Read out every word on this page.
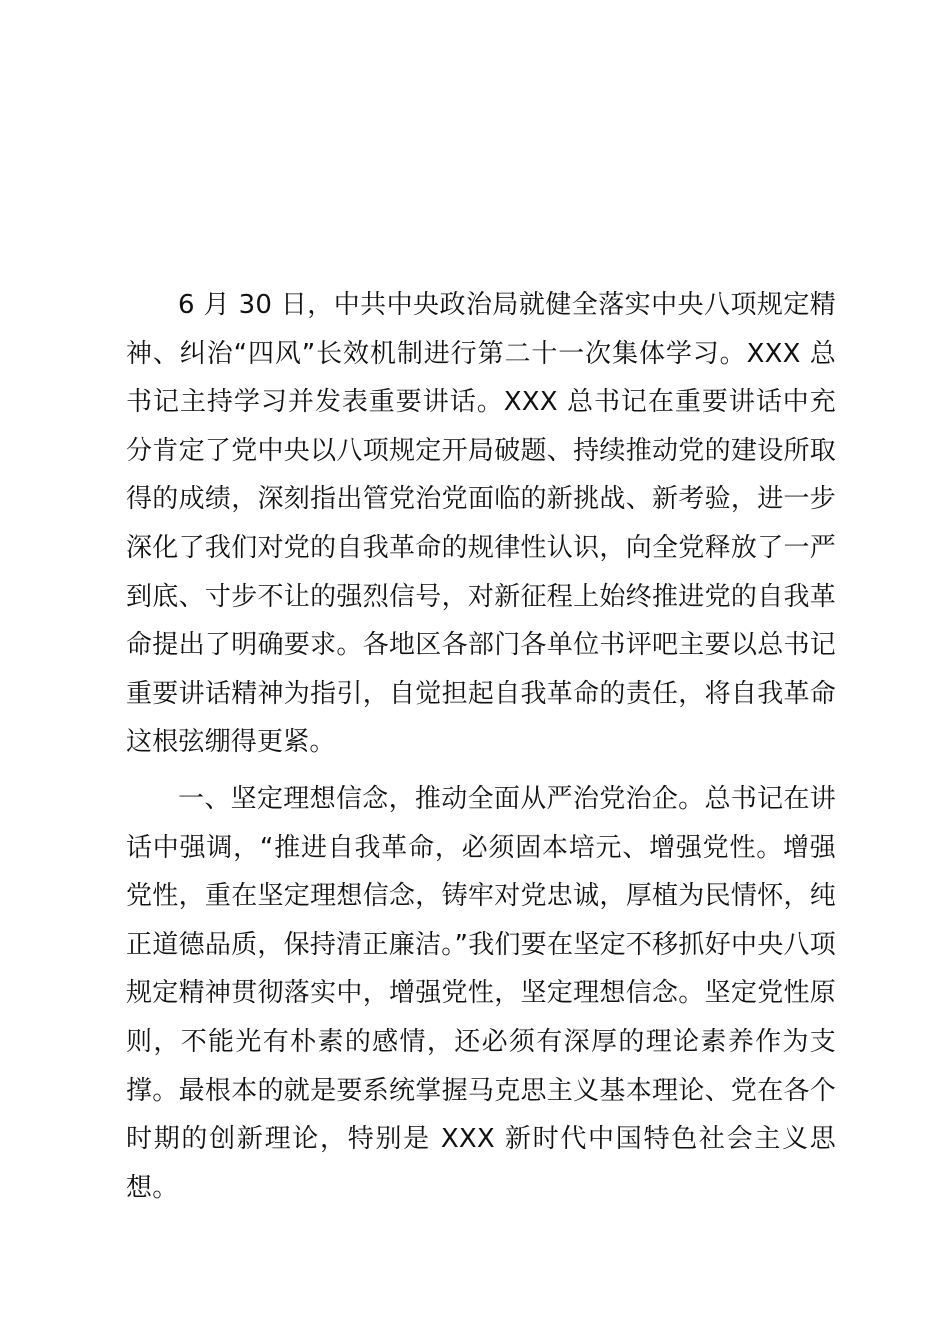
6 月 30 日，中共中央政治局就健全落实中央八项规定精神、纠治“四风”长效机制进行第二十一次集体学习。XXX 总书记主持学习并发表重要讲话。XXX 总书记在重要讲话中充分肯定了党中央以八项规定开局破题、持续推动党的建设所取得的成绩，深刻指出管党治党面临的新挑战、新考验，进一步深化了我们对党的自我革命的规律性认识，向全党释放了一严到底、寸步不让的强烈信号，对新征程上始终推进党的自我革命提出了明确要求。各地区各部门各单位书评吧主要以总书记重要讲话精神为指引，自觉担起自我革命的责任，将自我革命这根弦绷得更紧。

一、坚定理想信念，推动全面从严治党治企。总书记在讲话中强调，“推进自我革命，必须固本培元、增强党性。增强党性，重在坚定理想信念，铸牢对党忠诚，厚植为民情怀，纯正道德品质，保持清正廉洁。”我们要在坚定不移抓好中央八项规定精神贯彻落实中，增强党性，坚定理想信念。坚定党性原则，不能光有朴素的感情，还必须有深厚的理论素养作为支撑。最根本的就是要系统掌握马克思主义基本理论、党在各个时期的创新理论，特别是 XXX 新时代中国特色社会主义思想。
